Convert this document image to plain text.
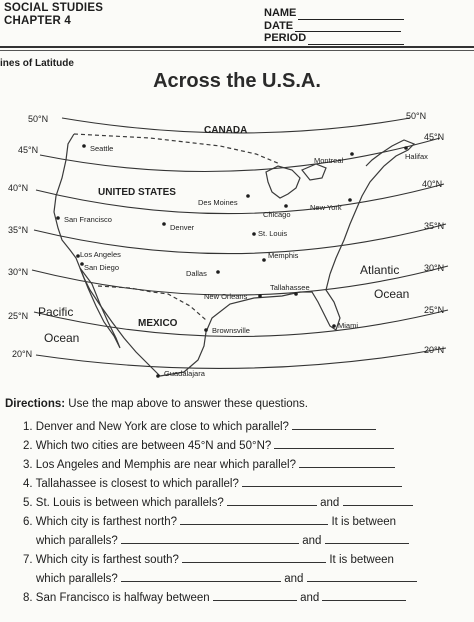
SOCIAL STUDIES
CHAPTER 4
NAME
DATE
PERIOD
ines of Latitude
Across the U.S.A.
50°N
45°N
40°N
35°N
30°N
25°N
20°N
50°N
45°N
40°N
35°N
30°N
25°N
20°N
CANADA
UNITED STATES
MEXICO
Pacific
Ocean
Atlantic
Ocean
Seattle
Montreal	Halifax
Des Moines
Chicago
New York
San Francisco
Denver
St. Louis
Los Angeles
San Diego
Memphis
Dallas
New Orleans
Tallahassee
Brownsville
Miami
Guadalajara
Directions: Use the map above to answer these questions.
1. Denver and New York are close to which parallel?
2. Which two cities are between 45°N and 50°N?
3. Los Angeles and Memphis are near which parallel?
4. Tallahassee is closest to which parallel?
5. St. Louis is between which parallels?	and
6. Which city is farthest north?	It is between
which parallels?	and
7. Which city is farthest south?	It is between
which parallels?	and
8. San Francisco is halfway between	and
